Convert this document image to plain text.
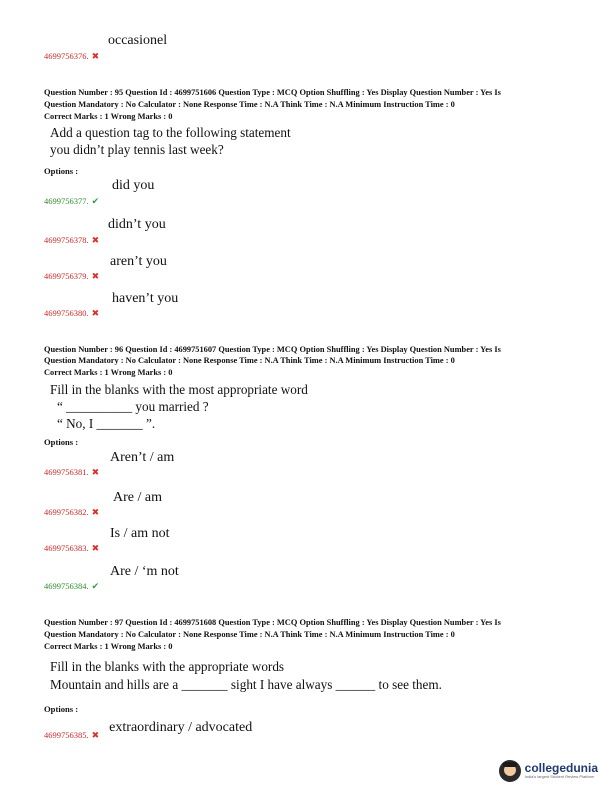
occasionel
4699756376. ✖
Question Number : 95 Question Id : 4699751606 Question Type : MCQ Option Shuffling : Yes Display Question Number : Yes Is
Question Mandatory : No Calculator : None Response Time : N.A Think Time : N.A Minimum Instruction Time : 0
Correct Marks : 1 Wrong Marks : 0
Add a question tag to the following statement
you didn’t play tennis last week?
Options :
did you
4699756377. ✔
didn’t you
4699756378. ✖
aren’t you
4699756379. ✖
haven’t you
4699756380. ✖
Question Number : 96 Question Id : 4699751607 Question Type : MCQ Option Shuffling : Yes Display Question Number : Yes Is
Question Mandatory : No Calculator : None Response Time : N.A Think Time : N.A Minimum Instruction Time : 0
Correct Marks : 1 Wrong Marks : 0
Fill in the blanks with the most appropriate word
“ __________ you married ?
“ No, I _______ ”.
Options :
Aren’t / am
4699756381. ✖
Are / am
4699756382. ✖
Is / am not
4699756383. ✖
Are / ‘m not
4699756384. ✔
Question Number : 97 Question Id : 4699751608 Question Type : MCQ Option Shuffling : Yes Display Question Number : Yes Is
Question Mandatory : No Calculator : None Response Time : N.A Think Time : N.A Minimum Instruction Time : 0
Correct Marks : 1 Wrong Marks : 0
Fill in the blanks with the appropriate words
Mountain and hills are a _______ sight I have always ______ to see them.
Options :
$_{4699756385.}$ $_✖$ extraordinary / advocated
collegedunia
India's largest Student Review Platform
